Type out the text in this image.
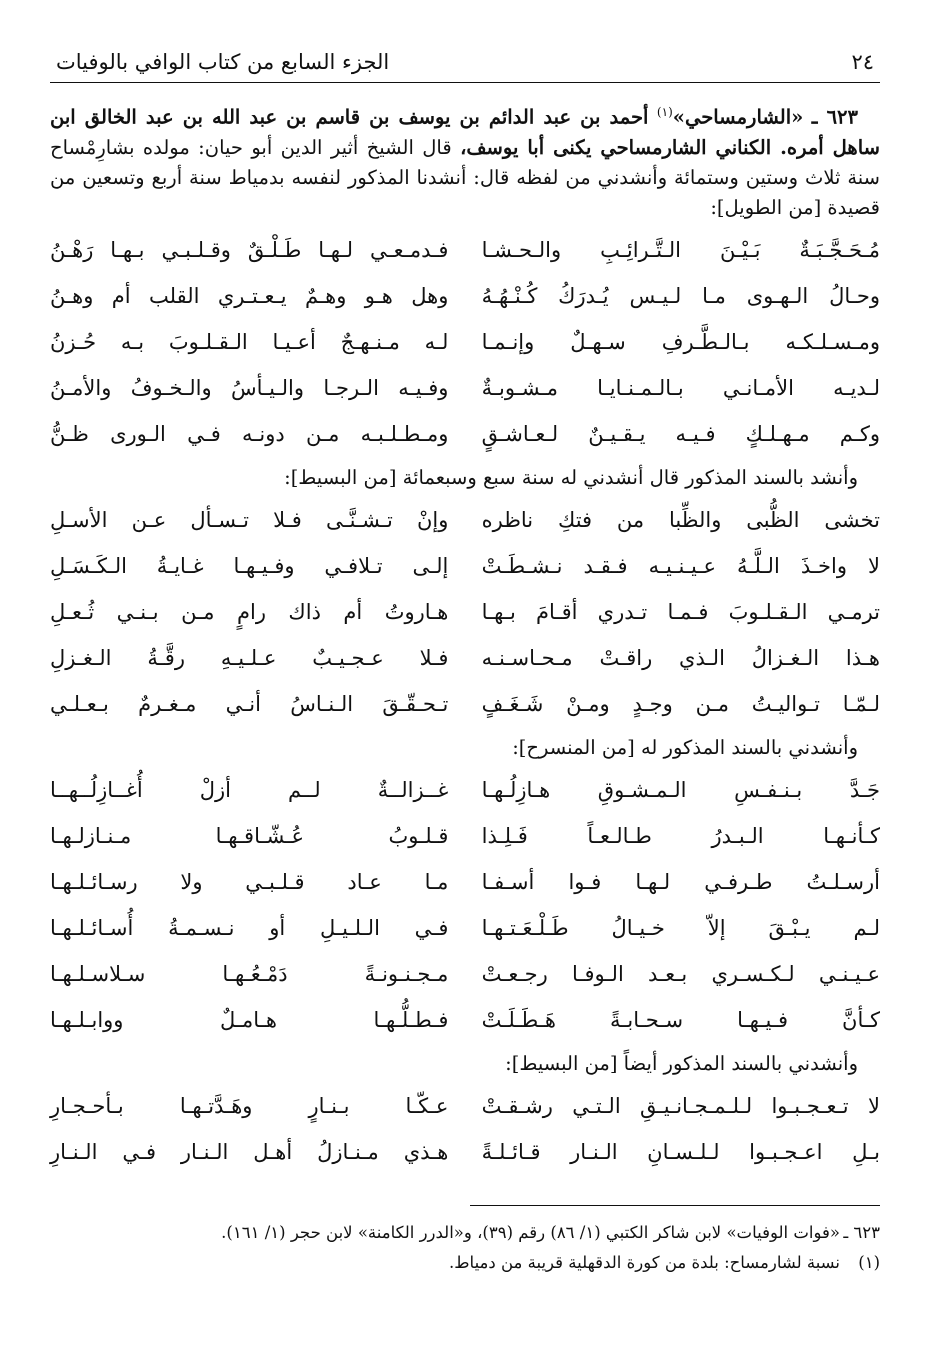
٢٤
الجزء السابع من كتاب الوافي بالوفيات

٦٢٣ ـ «الشارمساحي»$^{(١)}$ أحمد بن عبد الدائم بن يوسف بن قاسم بن عبد الله بن عبد الخالق ابن ساهل أمره. الكناني الشارمساحي يكنى أبا يوسف، قال الشيخ أثير الدين أبو حيان: مولده بشارِمْساح سنة ثلاث وستين وستمائة وأنشدني من لفظه قال: أنشدنا المذكور لنفسه بدمياط سنة أربع وتسعين من قصيدة [من الطويل]:

مُـحَـجَّـبَـةٌ بَـيْـنَ الـتَّـرائِـبِ والـحـشـا
فـدمـعـي لـهـا طَـلْـقٌ وقـلـبـي بـهـا رَهْـنُ
وحـالُ الـهـوى مـا لـيـس يُـدرَكُ كُـنْـهُـهُ
وهل هـو وهـمٌ يـعـتـري القلب أم وهـنُ
ومـسـلـكـه بـالـطَّـرفِ سـهـلٌ وإنـمـا
لـه مـنـهـجٌ أعـيـا الـقـلـوبَ بـه حُـزنُ
لـديـه الأمـانـي بـالـمـنـايـا مـشـوبـةٌ
وفـيـه الـرجـا والـيـأسُ والـخـوفُ والأمـنُ
وكـم مـهـلـكٍ فـيـه يـقـيـنٌ لـعـاشـقٍ
ومـطـلـبـه مـن دونـه فـي الـورى ظـنُّ

وأنشد بالسند المذكور قال أنشدني له سنة سبع وسبعمائة [من البسيط]:

تخشى الظُّبى والظِّبا من فتكِ ناظره
وإنْ تـشـنَّـى فـلا تـسـأل عـن الأسـلِ
لا واخـذَ الـلَّـهُ عـيـنـيـه فـقـد نـشـطَـتْ
إلـى تـلافـي وفـيـهـا غـايـةُ الـكَـسَـلِ
ترمـي الـقـلـوبَ فـمـا تـدري أقـامَ بـهـا
هـاروتُ أم ذاك رامٍ مـن بـنـي ثُـعـلِ
هـذا الـغـزالُ الـذي راقـتْ مـحـاسـنـه
فـلا عـجـيـبٌ عـلـيـهِ رقَّـةُ الـغـزلِ
لـمّـا تـواليـتُ مـن وجـدٍ ومـنْ شَـغَـفٍ
تـحـقّـقَ الـنـاسُ أنـي مـغـرمٌ بـعـلـي

وأنشدني بالسند المذكور له [من المنسرح]:

جَـدَّ بـنـفـسِ الـمـشـوقِ هـازِلُـهـا
غــزالــةٌ لــم أزلْ أُغــازِلُــهــا
كـأنـهـا الـبـدرُ طـالـعـاً فَـلِـذا
قـلـوبُ عُـشّـاقـهـا مـنـازلـهـا
أرسـلـتُ طـرفـي لـهـا فـوا أسـفـا
مـا عـاد قـلـبـي ولا رسـائـلـهـا
لـم يـبْـقَ إلاّ خـيـالُ طَـلْـعَـتـهـا
فـي الـلـيـلِ أو نـسـمـةُ أُسـائـلـهـا
عـيـنـي لـكـسـري بـعـد الـوفـا رجـعـتْ
مـجـنـونـةً دَمْـعُـهـا سـلاسـلـهـا
كـأنَّ فـيـهـا سـحـابـةً هَـطَـلَـتْ
فـطـلُّـهـا هـامـلٌ ووابـلـهـا

وأنشدني بالسند المذكور أيضاً [من البسيط]:

لا تـعـجـبـوا لـلـمـجـانـيـقِ الـتـي رشـقـتْ
عـكّـا بـنـارٍ وهَـدَّتـهـا بـأحـجـارِ
بـلِ اعـجـبـوا لـلـسـانِ الـنـار قـائـلـةً
هـذي مـنـازلُ أهـل الـنـار فـي الـنـارِ

٦٢٣ ـ«فوات الوفيات» لابن شاكر الكتبي (١/ ٨٦) رقم (٣٩)، و«الدرر الكامنة» لابن حجر (١/ ١٦١).

(١)نسبة لشارمساح: بلدة من كورة الدقهلية قريبة من دمياط.
